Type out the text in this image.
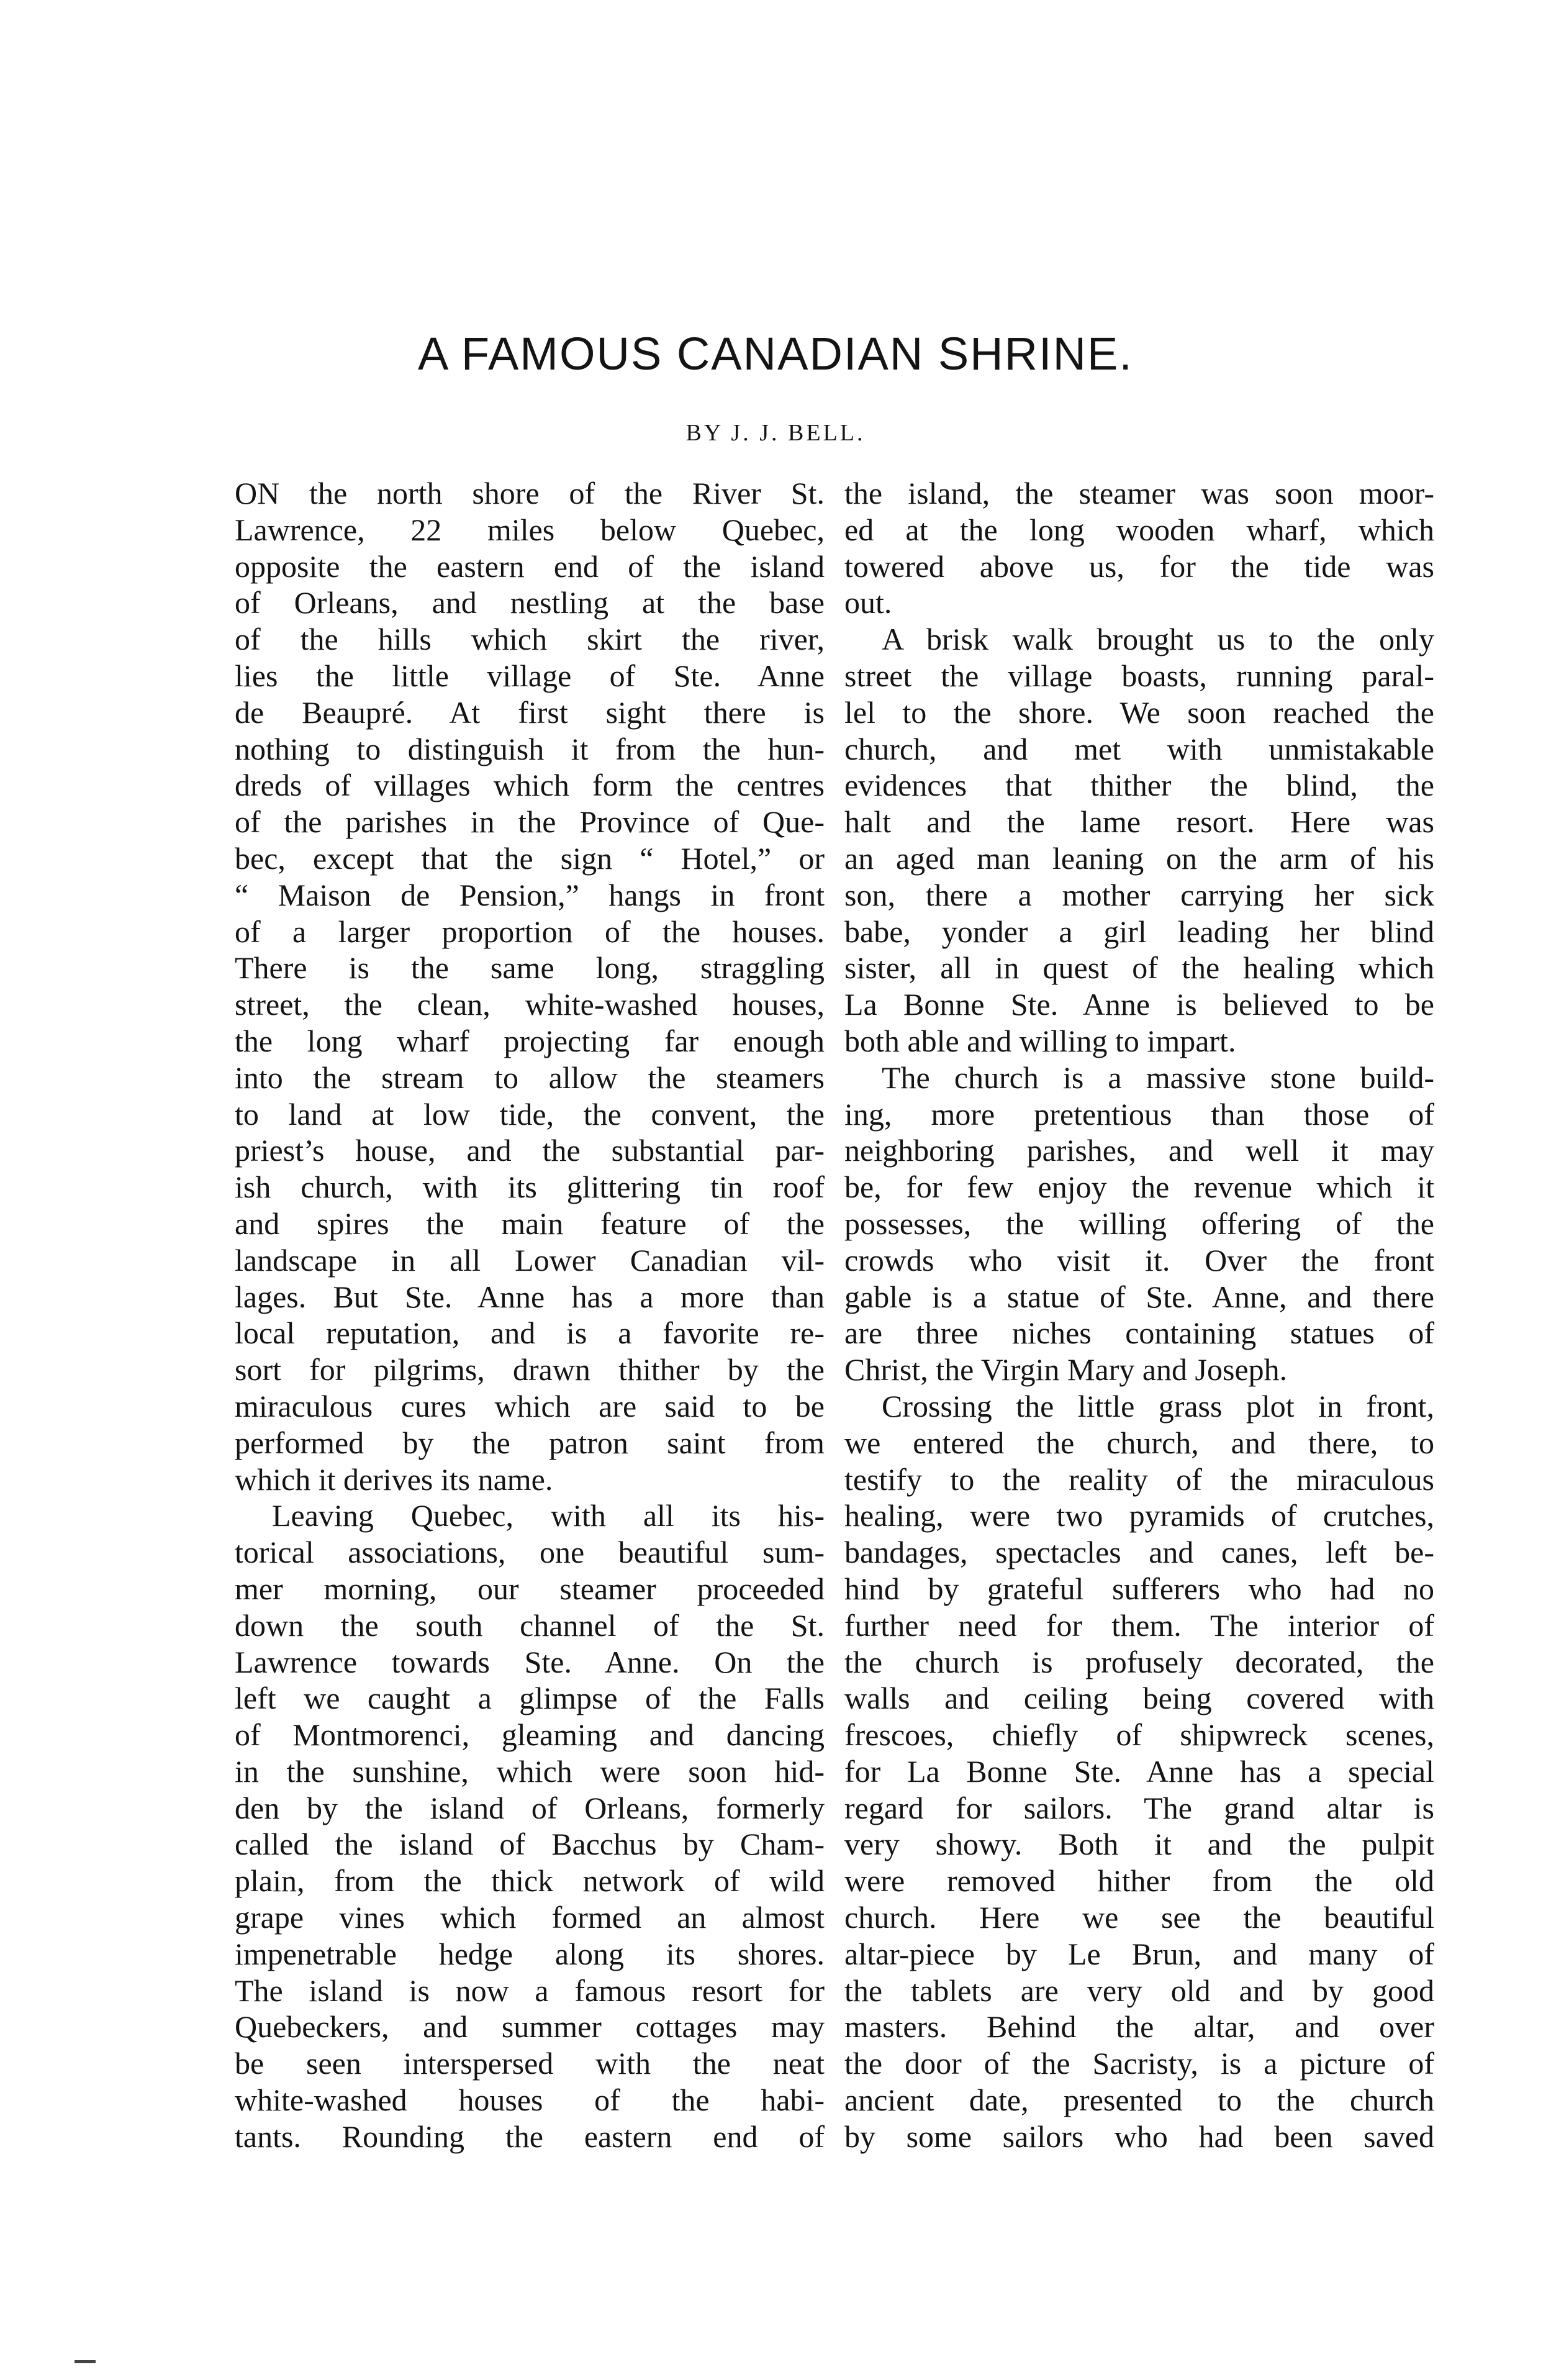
A FAMOUS CANADIAN SHRINE.
BY J. J. BELL.
ON the north shore of the River St.
Lawrence, 22 miles below Quebec,
opposite the eastern end of the island
of Orleans, and nestling at the base
of the hills which skirt the river,
lies the little village of Ste. Anne
de Beaupré. At first sight there is
nothing to distinguish it from the hun-
dreds of villages which form the centres
of the parishes in the Province of Que-
bec, except that the sign “ Hotel,” or
“ Maison de Pension,” hangs in front
of a larger proportion of the houses.
There is the same long, straggling
street, the clean, white-washed houses,
the long wharf projecting far enough
into the stream to allow the steamers
to land at low tide, the convent, the
priest’s house, and the substantial par-
ish church, with its glittering tin roof
and spires the main feature of the
landscape in all Lower Canadian vil-
lages. But Ste. Anne has a more than
local reputation, and is a favorite re-
sort for pilgrims, drawn thither by the
miraculous cures which are said to be
performed by the patron saint from
which it derives its name.
Leaving Quebec, with all its his-
torical associations, one beautiful sum-
mer morning, our steamer proceeded
down the south channel of the St.
Lawrence towards Ste. Anne. On the
left we caught a glimpse of the Falls
of Montmorenci, gleaming and dancing
in the sunshine, which were soon hid-
den by the island of Orleans, formerly
called the island of Bacchus by Cham-
plain, from the thick network of wild
grape vines which formed an almost
impenetrable hedge along its shores.
The island is now a famous resort for
Quebeckers, and summer cottages may
be seen interspersed with the neat
white-washed houses of the habi-
tants. Rounding the eastern end of
the island, the steamer was soon moor-
ed at the long wooden wharf, which
towered above us, for the tide was
out.
A brisk walk brought us to the only
street the village boasts, running paral-
lel to the shore. We soon reached the
church, and met with unmistakable
evidences that thither the blind, the
halt and the lame resort. Here was
an aged man leaning on the arm of his
son, there a mother carrying her sick
babe, yonder a girl leading her blind
sister, all in quest of the healing which
La Bonne Ste. Anne is believed to be
both able and willing to impart.
The church is a massive stone build-
ing, more pretentious than those of
neighboring parishes, and well it may
be, for few enjoy the revenue which it
possesses, the willing offering of the
crowds who visit it. Over the front
gable is a statue of Ste. Anne, and there
are three niches containing statues of
Christ, the Virgin Mary and Joseph.
Crossing the little grass plot in front,
we entered the church, and there, to
testify to the reality of the miraculous
healing, were two pyramids of crutches,
bandages, spectacles and canes, left be-
hind by grateful sufferers who had no
further need for them. The interior of
the church is profusely decorated, the
walls and ceiling being covered with
frescoes, chiefly of shipwreck scenes,
for La Bonne Ste. Anne has a special
regard for sailors. The grand altar is
very showy. Both it and the pulpit
were removed hither from the old
church. Here we see the beautiful
altar-piece by Le Brun, and many of
the tablets are very old and by good
masters. Behind the altar, and over
the door of the Sacristy, is a picture of
ancient date, presented to the church
by some sailors who had been saved
